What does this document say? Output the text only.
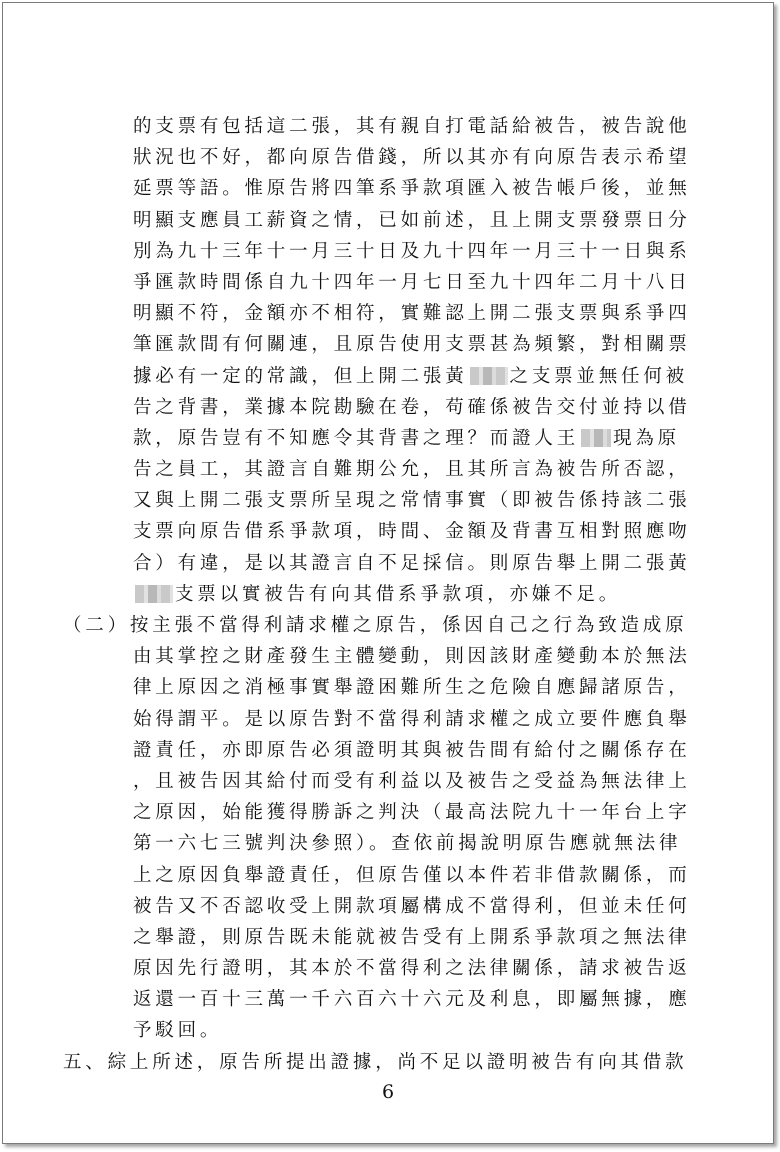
的支票有包括這二張，其有親自打電話給被告，被告說他
狀況也不好，都向原告借錢，所以其亦有向原告表示希望
延票等語。惟原告將四筆系爭款項匯入被告帳戶後，並無
明顯支應員工薪資之情，已如前述，且上開支票發票日分
別為九十三年十一月三十日及九十四年一月三十一日與系
爭匯款時間係自九十四年一月七日至九十四年二月十八日
明顯不符，金額亦不相符，實難認上開二張支票與系爭四
筆匯款間有何關連，且原告使用支票甚為頻繁，對相關票
據必有一定的常識，但上開二張黃 之支票並無任何被
告之背書，業據本院勘驗在卷，苟確係被告交付並持以借
款，原告豈有不知應令其背書之理？而證人王 現為原
告之員工，其證言自難期公允，且其所言為被告所否認，
又與上開二張支票所呈現之常情事實（即被告係持該二張
支票向原告借系爭款項，時間、金額及背書互相對照應吻
合）有違，是以其證言自不足採信。則原告舉上開二張黃
支票以實被告有向其借系爭款項，亦嫌不足。
（二）按主張不當得利請求權之原告，係因自己之行為致造成原
由其掌控之財產發生主體變動，則因該財產變動本於無法
律上原因之消極事實舉證困難所生之危險自應歸諸原告，
始得謂平。是以原告對不當得利請求權之成立要件應負舉
證責任，亦即原告必須證明其與被告間有給付之關係存在
，且被告因其給付而受有利益以及被告之受益為無法律上
之原因，始能獲得勝訴之判決（最高法院九十一年台上字
第一六七三號判決參照）。查依前揭說明原告應就無法律
上之原因負舉證責任，但原告僅以本件若非借款關係，而
被告又不否認收受上開款項屬構成不當得利，但並未任何
之舉證，則原告既未能就被告受有上開系爭款項之無法律
原因先行證明，其本於不當得利之法律關係，請求被告返
返還一百十三萬一千六百六十六元及利息，即屬無據，應
予駁回。
五、綜上所述，原告所提出證據，尚不足以證明被告有向其借款
6
